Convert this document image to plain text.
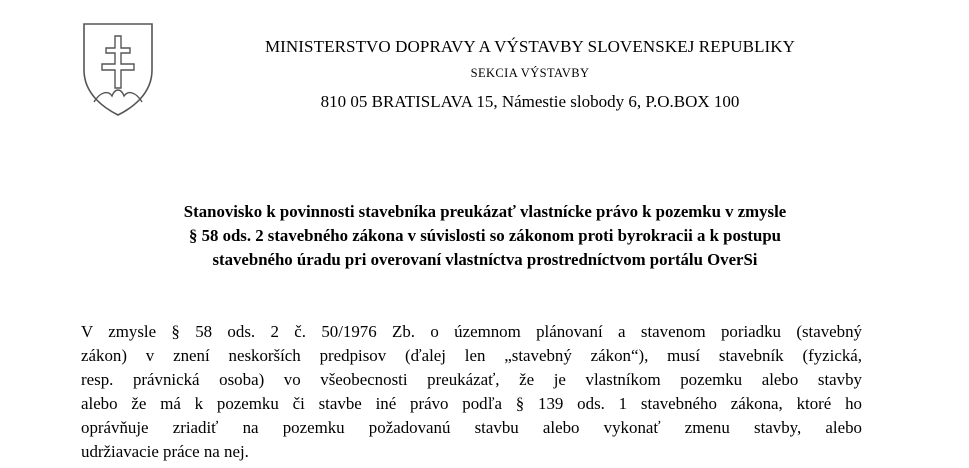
MINISTERSTVO DOPRAVY A VÝSTAVBY SLOVENSKEJ REPUBLIKY
SEKCIA VÝSTAVBY
810 05 BRATISLAVA 15, Námestie slobody 6, P.O.BOX 100
Stanovisko k povinnosti stavebníka preukázať vlastnícke právo k pozemku v zmysle
§ 58 ods. 2 stavebného zákona v súvislosti so zákonom proti byrokracii a k postupu
stavebného úradu pri overovaní vlastníctva prostredníctvom portálu OverSi
V zmysle § 58 ods. 2 č. 50/1976 Zb. o územnom plánovaní a stavenom poriadku (stavebný
zákon) v znení neskorších predpisov (ďalej len „stavebný zákon“), musí stavebník (fyzická,
resp. právnická osoba) vo všeobecnosti preukázať, že je vlastníkom pozemku alebo stavby
alebo že má k pozemku či stavbe iné právo podľa § 139 ods. 1 stavebného zákona, ktoré ho
oprávňuje zriadiť na pozemku požadovanú stavbu alebo vykonať zmenu stavby, alebo
udržiavacie práce na nej.
